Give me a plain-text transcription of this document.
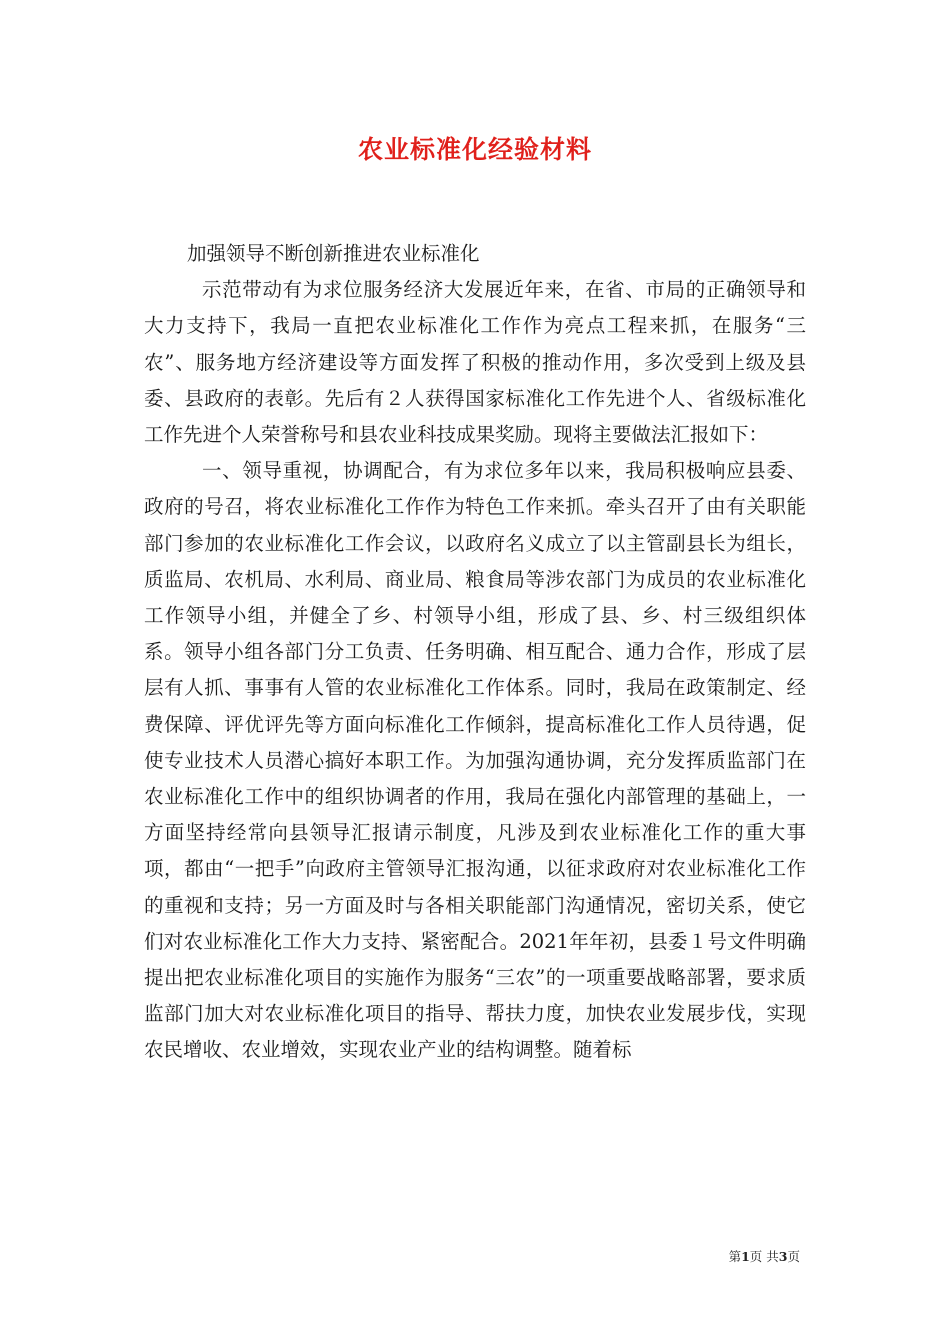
农业标准化经验材料

加强领导不断创新推进农业标准化

示范带动有为求位服务经济大发展近年来，在省、市局的正确领导和大力支持下，我局一直把农业标准化工作作为亮点工程来抓，在服务“三农”、服务地方经济建设等方面发挥了积极的推动作用，多次受到上级及县委、县政府的表彰。先后有２人获得国家标准化工作先进个人、省级标准化工作先进个人荣誉称号和县农业科技成果奖励。现将主要做法汇报如下：

一、领导重视，协调配合，有为求位多年以来，我局积极响应县委、政府的号召，将农业标准化工作作为特色工作来抓。牵头召开了由有关职能部门参加的农业标准化工作会议，以政府名义成立了以主管副县长为组长，质监局、农机局、水利局、商业局、粮食局等涉农部门为成员的农业标准化工作领导小组，并健全了乡、村领导小组，形成了县、乡、村三级组织体系。领导小组各部门分工负责、任务明确、相互配合、通力合作，形成了层层有人抓、事事有人管的农业标准化工作体系。同时，我局在政策制定、经费保障、评优评先等方面向标准化工作倾斜，提高标准化工作人员待遇，促使专业技术人员潜心搞好本职工作。为加强沟通协调，充分发挥质监部门在农业标准化工作中的组织协调者的作用，我局在强化内部管理的基础上，一方面坚持经常向县领导汇报请示制度，凡涉及到农业标准化工作的重大事项，都由“一把手”向政府主管领导汇报沟通，以征求政府对农业标准化工作的重视和支持；另一方面及时与各相关职能部门沟通情况，密切关系，使它们对农业标准化工作大力支持、紧密配合。2021年年初，县委１号文件明确提出把农业标准化项目的实施作为服务“三农”的一项重要战略部署，要求质监部门加大对农业标准化项目的指导、帮扶力度，加快农业发展步伐，实现农民增收、农业增效，实现农业产业的结构调整。随着标

第1页 共3页
